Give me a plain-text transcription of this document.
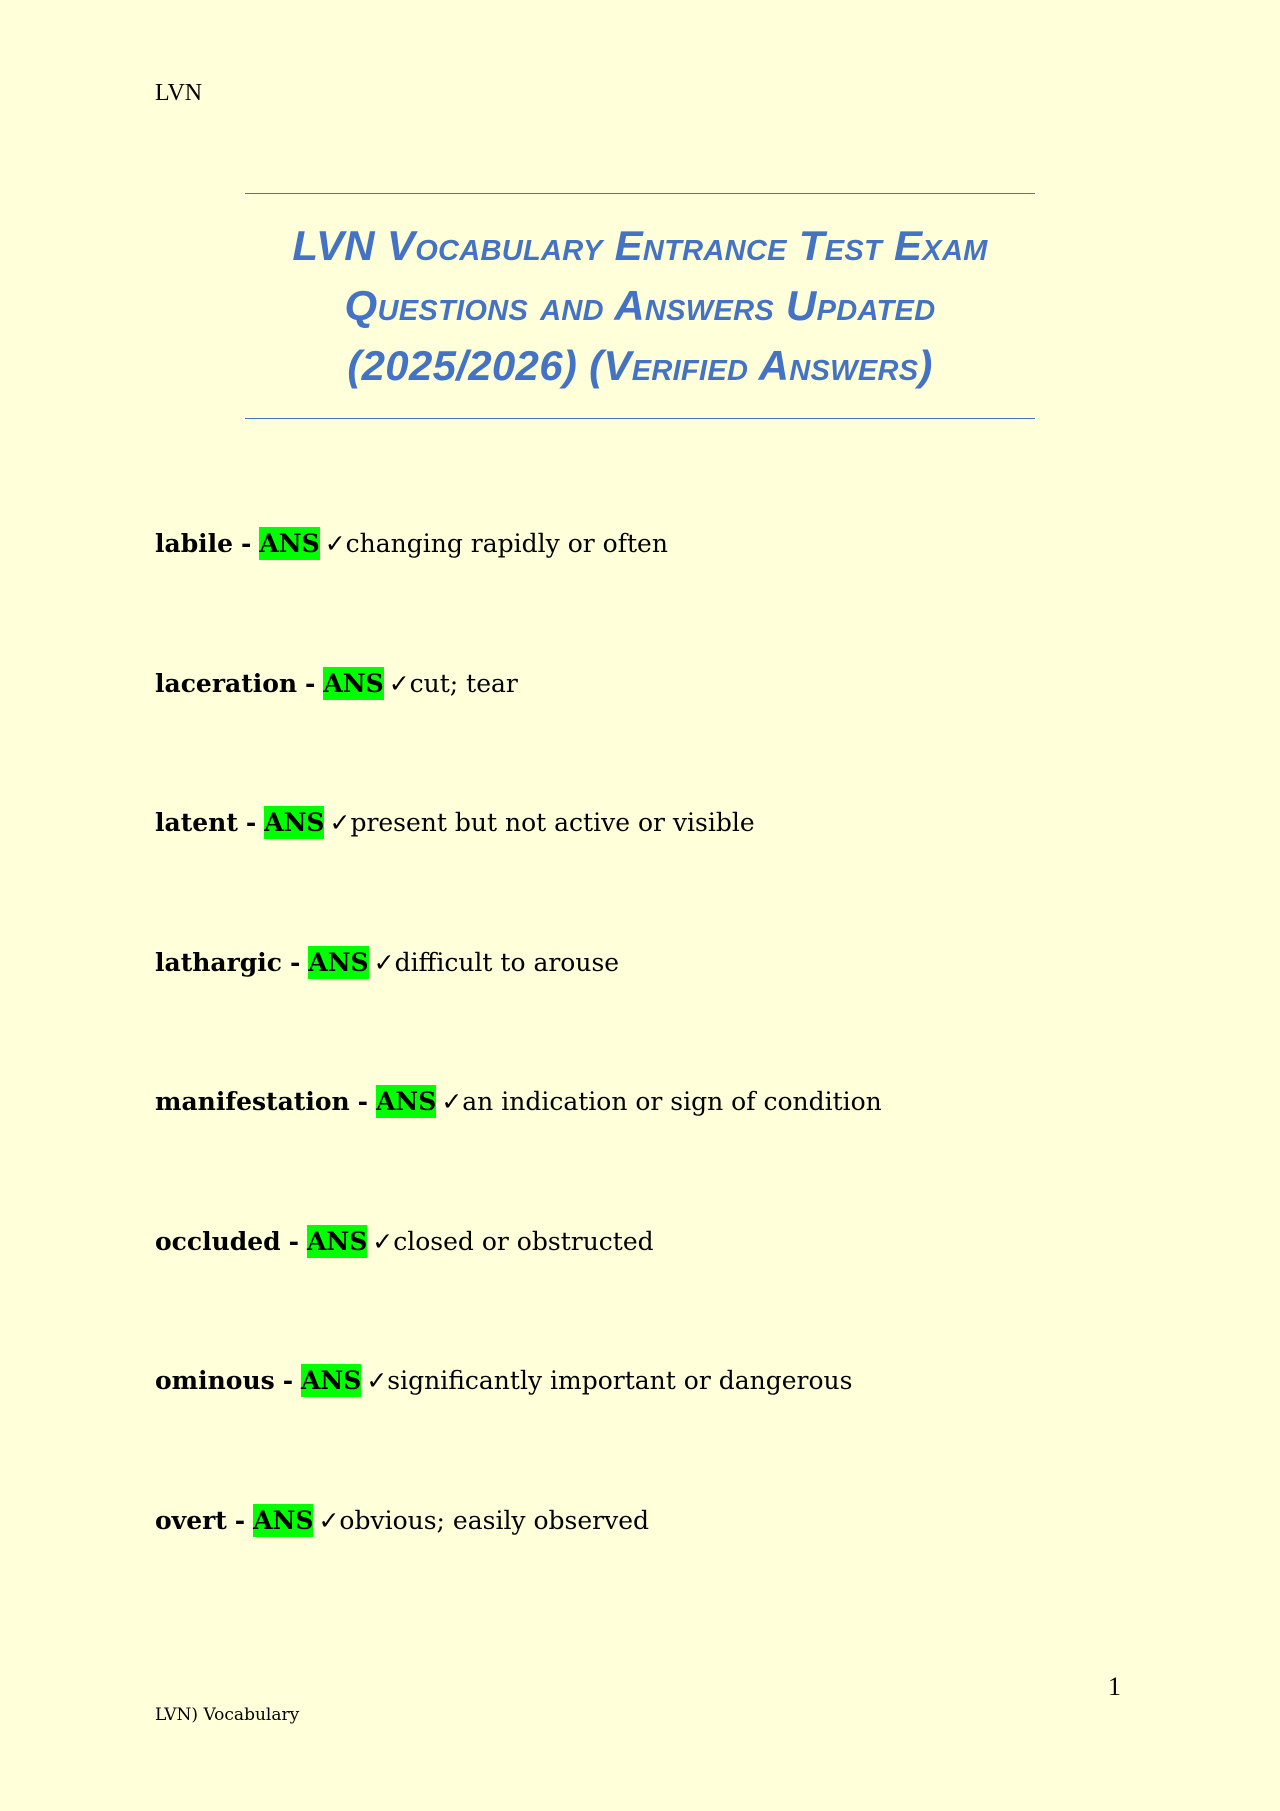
LVN
LVN Vocabulary Entrance Test Exam
Questions and Answers Updated
(2025/2026) (Verified Answers)
labile - ANS ✓changing rapidly or often
laceration - ANS ✓cut; tear
latent - ANS ✓present but not active or visible
lathargic - ANS ✓difficult to arouse
manifestation - ANS ✓an indication or sign of condition
occluded - ANS ✓closed or obstructed
ominous - ANS ✓significantly important or dangerous
overt - ANS ✓obvious; easily observed
1
LVN) Vocabulary
